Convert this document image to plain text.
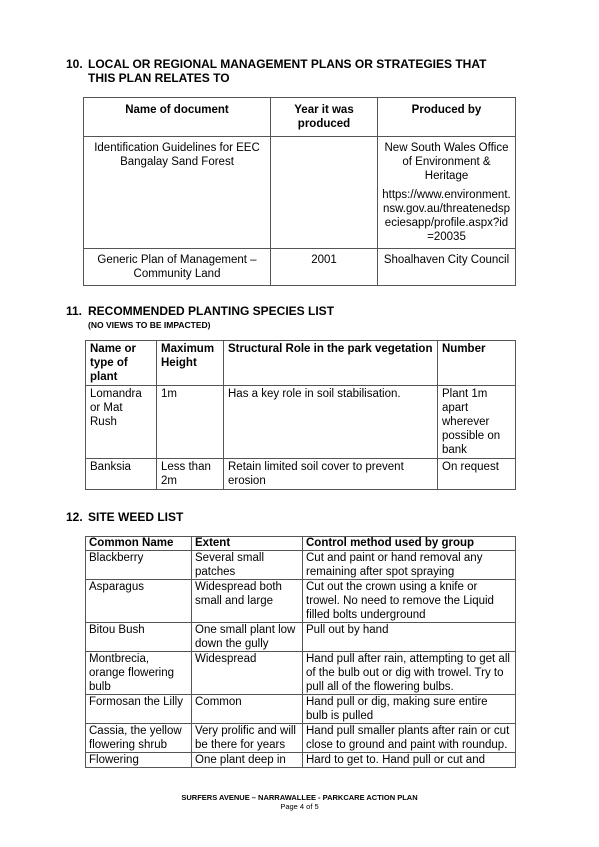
10. LOCAL OR REGIONAL MANAGEMENT PLANS OR STRATEGIES THAT
THIS PLAN RELATES TO
Name of document	Year it was produced	Produced by
Identification Guidelines for EEC Bangalay Sand Forest		New South Wales Office of Environment & Heritage
https://www.environment.nsw.gov.au/threatenedspeciesapp/profile.aspx?id=20035

Generic Plan of Management – Community Land	2001	Shoalhaven City Council
11. RECOMMENDED PLANTING SPECIES LIST
(NO VIEWS TO BE IMPACTED)
Name or type of plant	Maximum Height	Structural Role in the park vegetation	Number
Lomandra or Mat Rush	1m	Has a key role in soil stabilisation.	Plant 1m apart wherever possible on bank
Banksia	Less than 2m	Retain limited soil cover to prevent erosion	On request
12. SITE WEED LIST
Common Name	Extent	Control method used by group
Blackberry	Several small patches	Cut and paint or hand removal any remaining after spot spraying
Asparagus	Widespread both small and large	Cut out the crown using a knife or trowel. No need to remove the Liquid filled bolts underground
Bitou Bush	One small plant low down the gully	Pull out by hand
Montbrecia, orange flowering bulb	Widespread	Hand pull after rain, attempting to get all of the bulb out or dig with trowel. Try to pull all of the flowering bulbs.
Formosan the Lilly	Common	Hand pull or dig, making sure entire bulb is pulled
Cassia, the yellow flowering shrub	Very prolific and will be there for years	Hand pull smaller plants after rain or cut close to ground and paint with roundup.
Flowering	One plant deep in	Hard to get to. Hand pull or cut and
SURFERS AVENUE – NARRAWALLEE - PARKCARE ACTION PLAN
Page 4 of 5
